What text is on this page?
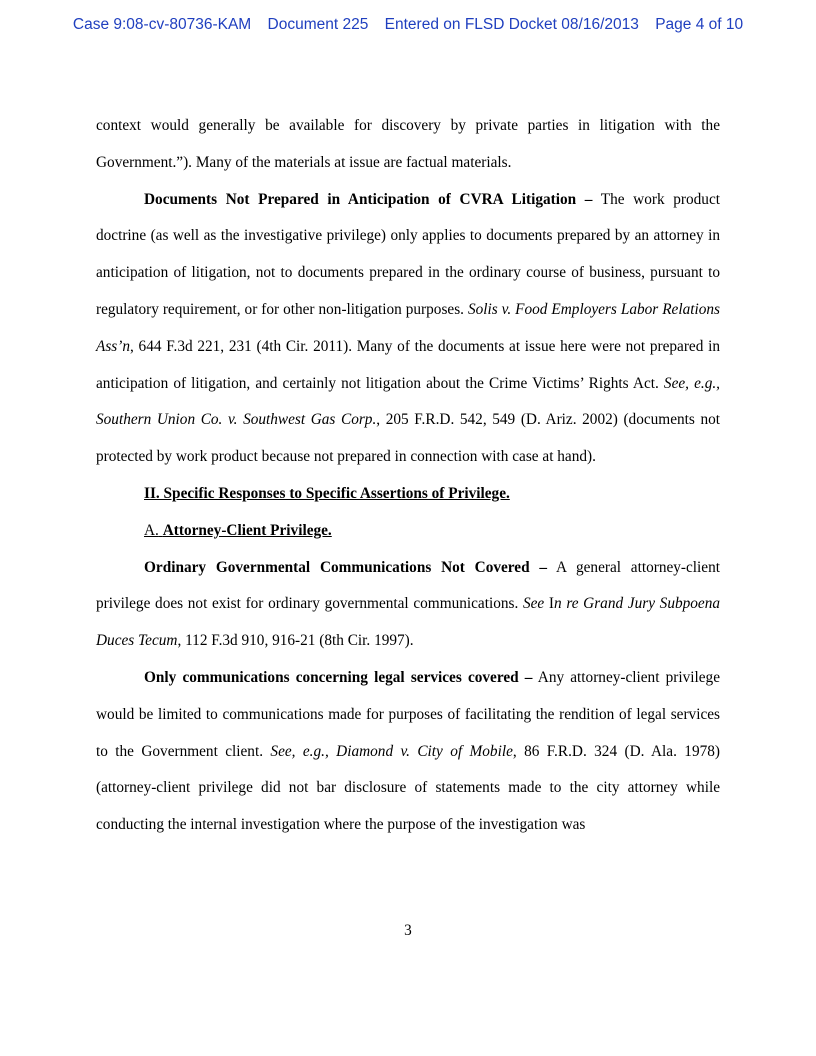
Case 9:08-cv-80736-KAM Document 225 Entered on FLSD Docket 08/16/2013 Page 4 of 10

context would generally be available for discovery by private parties in litigation with the Government.”). Many of the materials at issue are factual materials.

Documents Not Prepared in Anticipation of CVRA Litigation – The work product doctrine (as well as the investigative privilege) only applies to documents prepared by an attorney in anticipation of litigation, not to documents prepared in the ordinary course of business, pursuant to regulatory requirement, or for other non-litigation purposes. Solis v. Food Employers Labor Relations Ass’n, 644 F.3d 221, 231 (4th Cir. 2011). Many of the documents at issue here were not prepared in anticipation of litigation, and certainly not litigation about the Crime Victims’ Rights Act. See, e.g., Southern Union Co. v. Southwest Gas Corp., 205 F.R.D. 542, 549 (D. Ariz. 2002) (documents not protected by work product because not prepared in connection with case at hand).

II. Specific Responses to Specific Assertions of Privilege.

A. Attorney-Client Privilege.

Ordinary Governmental Communications Not Covered – A general attorney-client privilege does not exist for ordinary governmental communications. See In re Grand Jury Subpoena Duces Tecum, 112 F.3d 910, 916-21 (8th Cir. 1997).

Only communications concerning legal services covered – Any attorney-client privilege would be limited to communications made for purposes of facilitating the rendition of legal services to the Government client. See, e.g., Diamond v. City of Mobile, 86 F.R.D. 324 (D. Ala. 1978) (attorney-client privilege did not bar disclosure of statements made to the city attorney while conducting the internal investigation where the purpose of the investigation was

3
